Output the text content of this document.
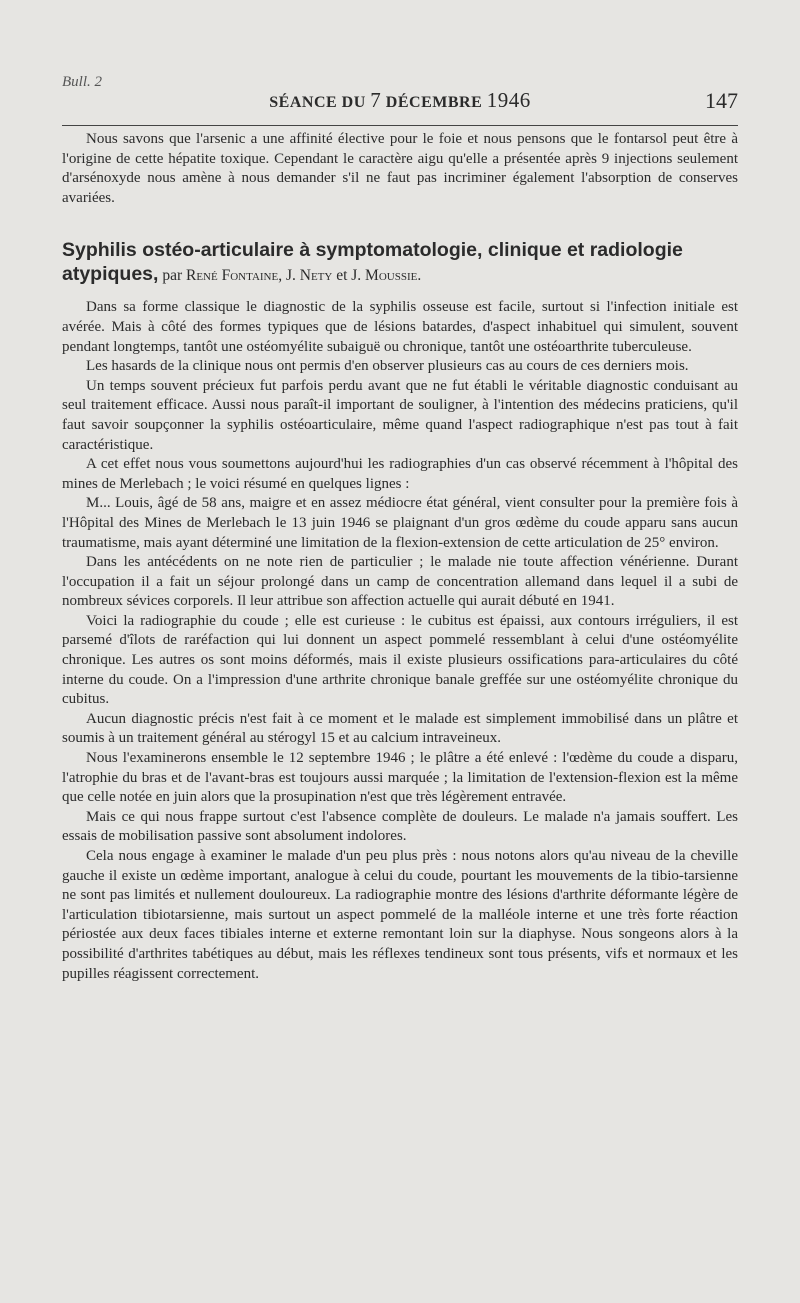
Bull. 2
SÉANCE DU 7 DÉCEMBRE 1946	147

Nous savons que l'arsenic a une affinité élective pour le foie et nous pensons que le fontarsol peut être à l'origine de cette hépatite toxique. Cependant le caractère aigu qu'elle a présentée après 9 injections seulement d'arsénoxyde nous amène à nous demander s'il ne faut pas incriminer également l'absorption de conserves avariées.

Syphilis ostéo-articulaire à symptomatologie, clinique et radiologie atypiques, par René Fontaine, J. Nety et J. Moussie.

Dans sa forme classique le diagnostic de la syphilis osseuse est facile, surtout si l'infection initiale est avérée. Mais à côté des formes typiques que de lésions batardes, d'aspect inhabituel qui simulent, souvent pendant longtemps, tantôt une ostéomyélite subaiguë ou chronique, tantôt une ostéoarthrite tuberculeuse.

Les hasards de la clinique nous ont permis d'en observer plusieurs cas au cours de ces derniers mois.

Un temps souvent précieux fut parfois perdu avant que ne fut établi le véritable diagnostic conduisant au seul traitement efficace. Aussi nous paraît-il important de souligner, à l'intention des médecins praticiens, qu'il faut savoir soupçonner la syphilis ostéoarticulaire, même quand l'aspect radiographique n'est pas tout à fait caractéristique.

A cet effet nous vous soumettons aujourd'hui les radiographies d'un cas observé récemment à l'hôpital des mines de Merlebach ; le voici résumé en quelques lignes :

M... Louis, âgé de 58 ans, maigre et en assez médiocre état général, vient consulter pour la première fois à l'Hôpital des Mines de Merlebach le 13 juin 1946 se plaignant d'un gros œdème du coude apparu sans aucun traumatisme, mais ayant déterminé une limitation de la flexion-extension de cette articulation de 25° environ.

Dans les antécédents on ne note rien de particulier ; le malade nie toute affection vénérienne. Durant l'occupation il a fait un séjour prolongé dans un camp de concentration allemand dans lequel il a subi de nombreux sévices corporels. Il leur attribue son affection actuelle qui aurait débuté en 1941.

Voici la radiographie du coude ; elle est curieuse : le cubitus est épaissi, aux contours irréguliers, il est parsemé d'îlots de raréfaction qui lui donnent un aspect pommelé ressemblant à celui d'une ostéomyélite chronique. Les autres os sont moins déformés, mais il existe plusieurs ossifications para-articulaires du côté interne du coude. On a l'impression d'une arthrite chronique banale greffée sur une ostéomyélite chronique du cubitus.

Aucun diagnostic précis n'est fait à ce moment et le malade est simplement immobilisé dans un plâtre et soumis à un traitement général au stérogyl 15 et au calcium intraveineux.

Nous l'examinerons ensemble le 12 septembre 1946 ; le plâtre a été enlevé : l'œdème du coude a disparu, l'atrophie du bras et de l'avant-bras est toujours aussi marquée ; la limitation de l'extension-flexion est la même que celle notée en juin alors que la prosupination n'est que très légèrement entravée.

Mais ce qui nous frappe surtout c'est l'absence complète de douleurs. Le malade n'a jamais souffert. Les essais de mobilisation passive sont absolument indolores.

Cela nous engage à examiner le malade d'un peu plus près : nous notons alors qu'au niveau de la cheville gauche il existe un œdème important, analogue à celui du coude, pourtant les mouvements de la tibio-tarsienne ne sont pas limités et nullement douloureux. La radiographie montre des lésions d'arthrite déformante légère de l'articulation tibiotarsienne, mais surtout un aspect pommelé de la malléole interne et une très forte réaction périostée aux deux faces tibiales interne et externe remontant loin sur la diaphyse. Nous songeons alors à la possibilité d'arthrites tabétiques au début, mais les réflexes tendineux sont tous présents, vifs et normaux et les pupilles réagissent correctement.
